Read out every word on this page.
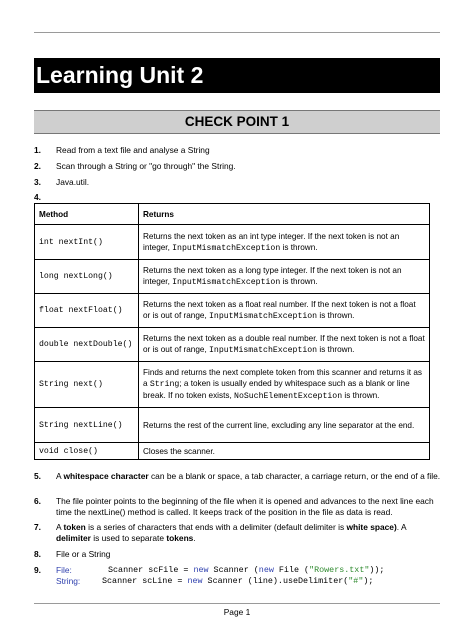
Learning Unit 2
CHECK POINT 1
1. Read from a text file and analyse a String
2. Scan through a String or "go through" the String.
3. Java.util.
4.
Method	Returns
int nextInt()	Returns the next token as an int type integer. If the next token is not an integer, InputMismatchException is thrown.
long nextLong()	Returns the next token as a long type integer. If the next token is not an integer, InputMismatchException is thrown.
float nextFloat()	Returns the next token as a float real number. If the next token is not a float or is out of range, InputMismatchException is thrown.
double nextDouble()	Returns the next token as a double real number. If the next token is not a float or is out of range, InputMismatchException is thrown.
String next()	Finds and returns the next complete token from this scanner and returns it as a String; a token is usually ended by whitespace such as a blank or line break. If no token exists, NoSuchElementException is thrown.
String nextLine()	Returns the rest of the current line, excluding any line separator at the end.
void close()	Closes the scanner.
5. A whitespace character can be a blank or space, a tab character, a carriage return, or the end of a file.
6. The file pointer points to the beginning of the file when it is opened and advances to the next line each time the nextLine() method is called. It keeps track of the position in the file as data is read.
7. A token is a series of characters that ends with a delimiter (default delimiter is white space). A delimiter is used to separate tokens.
8. File or a String
9. File:	Scanner scFile = new Scanner (new File ("Rowers.txt"));
String:	Scanner scLine = new Scanner (line).useDelimiter("#");
Page 1
